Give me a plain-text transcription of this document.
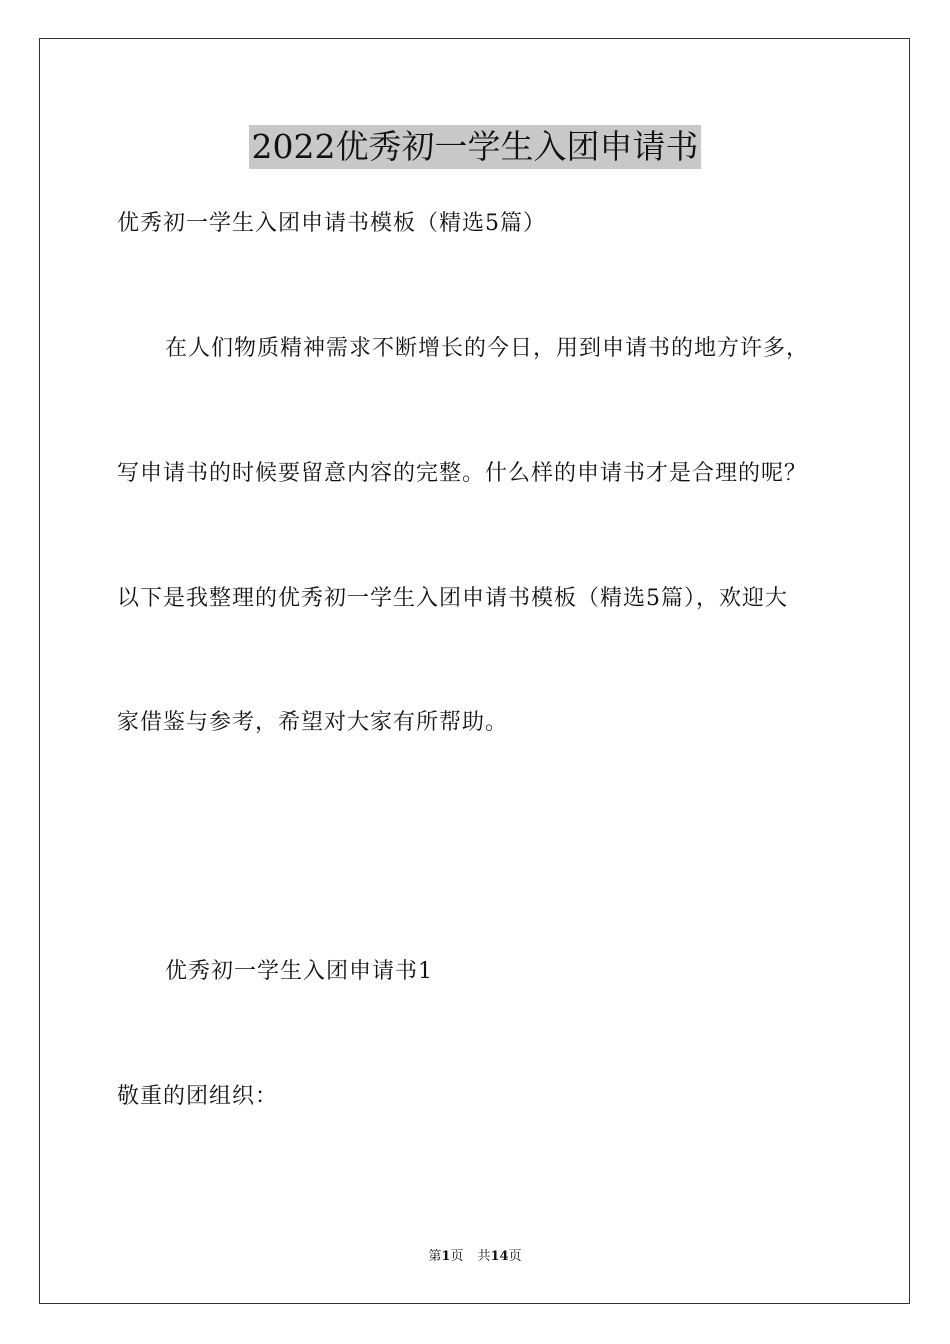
2022优秀初一学生入团申请书
优秀初一学生入团申请书模板（精选5篇）
在人们物质精神需求不断增长的今日，用到申请书的地方许多，
写申请书的时候要留意内容的完整。什么样的申请书才是合理的呢？
以下是我整理的优秀初一学生入团申请书模板（精选5篇），欢迎大
家借鉴与参考，希望对大家有所帮助。
优秀初一学生入团申请书1
敬重的团组织：
第1页 共14页
